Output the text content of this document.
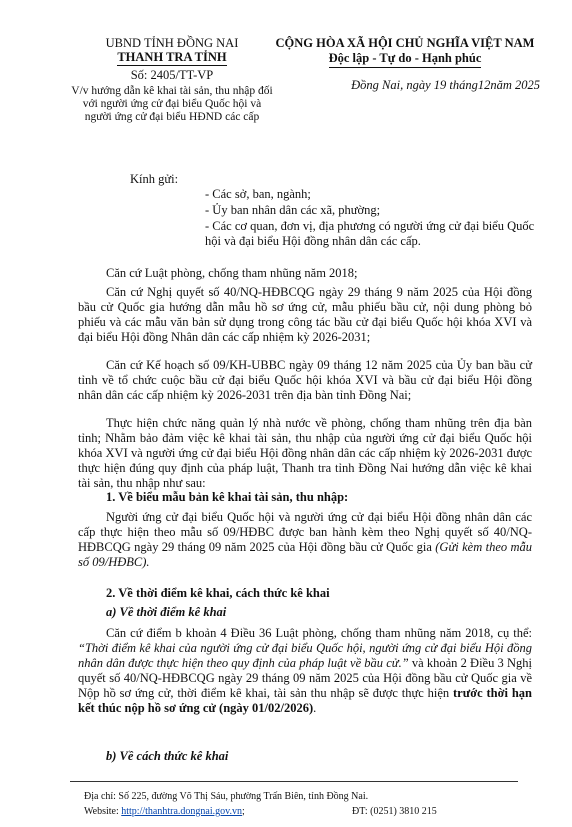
UBND TỈNH ĐỒNG NAI
THANH TRA TỈNH
Số: 2405/TT-VP
V/v hướng dẫn kê khai tài sản, thu nhập đối với người ứng cử đại biểu Quốc hội và người ứng cử đại biểu HĐND các cấp
CỘNG HÒA XÃ HỘI CHỦ NGHĨA VIỆT NAM
Độc lập - Tự do - Hạnh phúc
Đồng Nai, ngày 19 tháng12năm 2025
Kính gửi:
- Các sở, ban, ngành;
- Ủy ban nhân dân các xã, phường;
- Các cơ quan, đơn vị, địa phương có người ứng cử đại biểu Quốc hội và đại biểu Hội đồng nhân dân các cấp.
Căn cứ Luật phòng, chống tham nhũng năm 2018;
Căn cứ Nghị quyết số 40/NQ-HĐBCQG ngày 29 tháng 9 năm 2025 của Hội đồng bầu cử Quốc gia hướng dẫn mẫu hồ sơ ứng cử, mẫu phiếu bầu cử, nội dung phòng bỏ phiếu và các mẫu văn bản sử dụng trong công tác bầu cử đại biểu Quốc hội khóa XVI và đại biểu Hội đồng Nhân dân các cấp nhiệm kỳ 2026-2031;
Căn cứ Kế hoạch số 09/KH-UBBC ngày 09 tháng 12 năm 2025 của Ủy ban bầu cử tỉnh về tổ chức cuộc bầu cử đại biểu Quốc hội khóa XVI và bầu cử đại biểu Hội đồng nhân dân các cấp nhiệm kỳ 2026-2031 trên địa bàn tỉnh Đồng Nai;
Thực hiện chức năng quản lý nhà nước về phòng, chống tham nhũng trên địa bàn tỉnh; Nhằm bảo đảm việc kê khai tài sản, thu nhập của người ứng cử đại biểu Quốc hội khóa XVI và người ứng cử đại biểu Hội đồng nhân dân các cấp nhiệm kỳ 2026-2031 được thực hiện đúng quy định của pháp luật, Thanh tra tỉnh Đồng Nai hướng dẫn việc kê khai tài sản, thu nhập như sau:
1. Về biểu mẫu bản kê khai tài sản, thu nhập:
Người ứng cử đại biểu Quốc hội và người ứng cử đại biểu Hội đồng nhân dân các cấp thực hiện theo mẫu số 09/HĐBC được ban hành kèm theo Nghị quyết số 40/NQ-HĐBCQG ngày 29 tháng 09 năm 2025 của Hội đồng bầu cử Quốc gia (Gửi kèm theo mẫu số 09/HĐBC).
2. Về thời điểm kê khai, cách thức kê khai
a) Về thời điểm kê khai
Căn cứ điểm b khoản 4 Điều 36 Luật phòng, chống tham nhũng năm 2018, cụ thể: “Thời điểm kê khai của người ứng cử đại biểu Quốc hội, người ứng cử đại biểu Hội đồng nhân dân được thực hiện theo quy định của pháp luật về bầu cử.” và khoản 2 Điều 3 Nghị quyết số 40/NQ-HĐBCQG ngày 29 tháng 09 năm 2025 của Hội đồng bầu cử Quốc gia về Nộp hồ sơ ứng cử, thời điểm kê khai, tài sản thu nhập sẽ được thực hiện trước thời hạn kết thúc nộp hồ sơ ứng cử (ngày 01/02/2026).
b) Về cách thức kê khai
Địa chỉ: Số 225, đường Võ Thị Sáu, phường Trấn Biên, tỉnh Đồng Nai.
Website: http://thanhtra.dongnai.gov.vn;	ĐT: (0251) 3810 215
